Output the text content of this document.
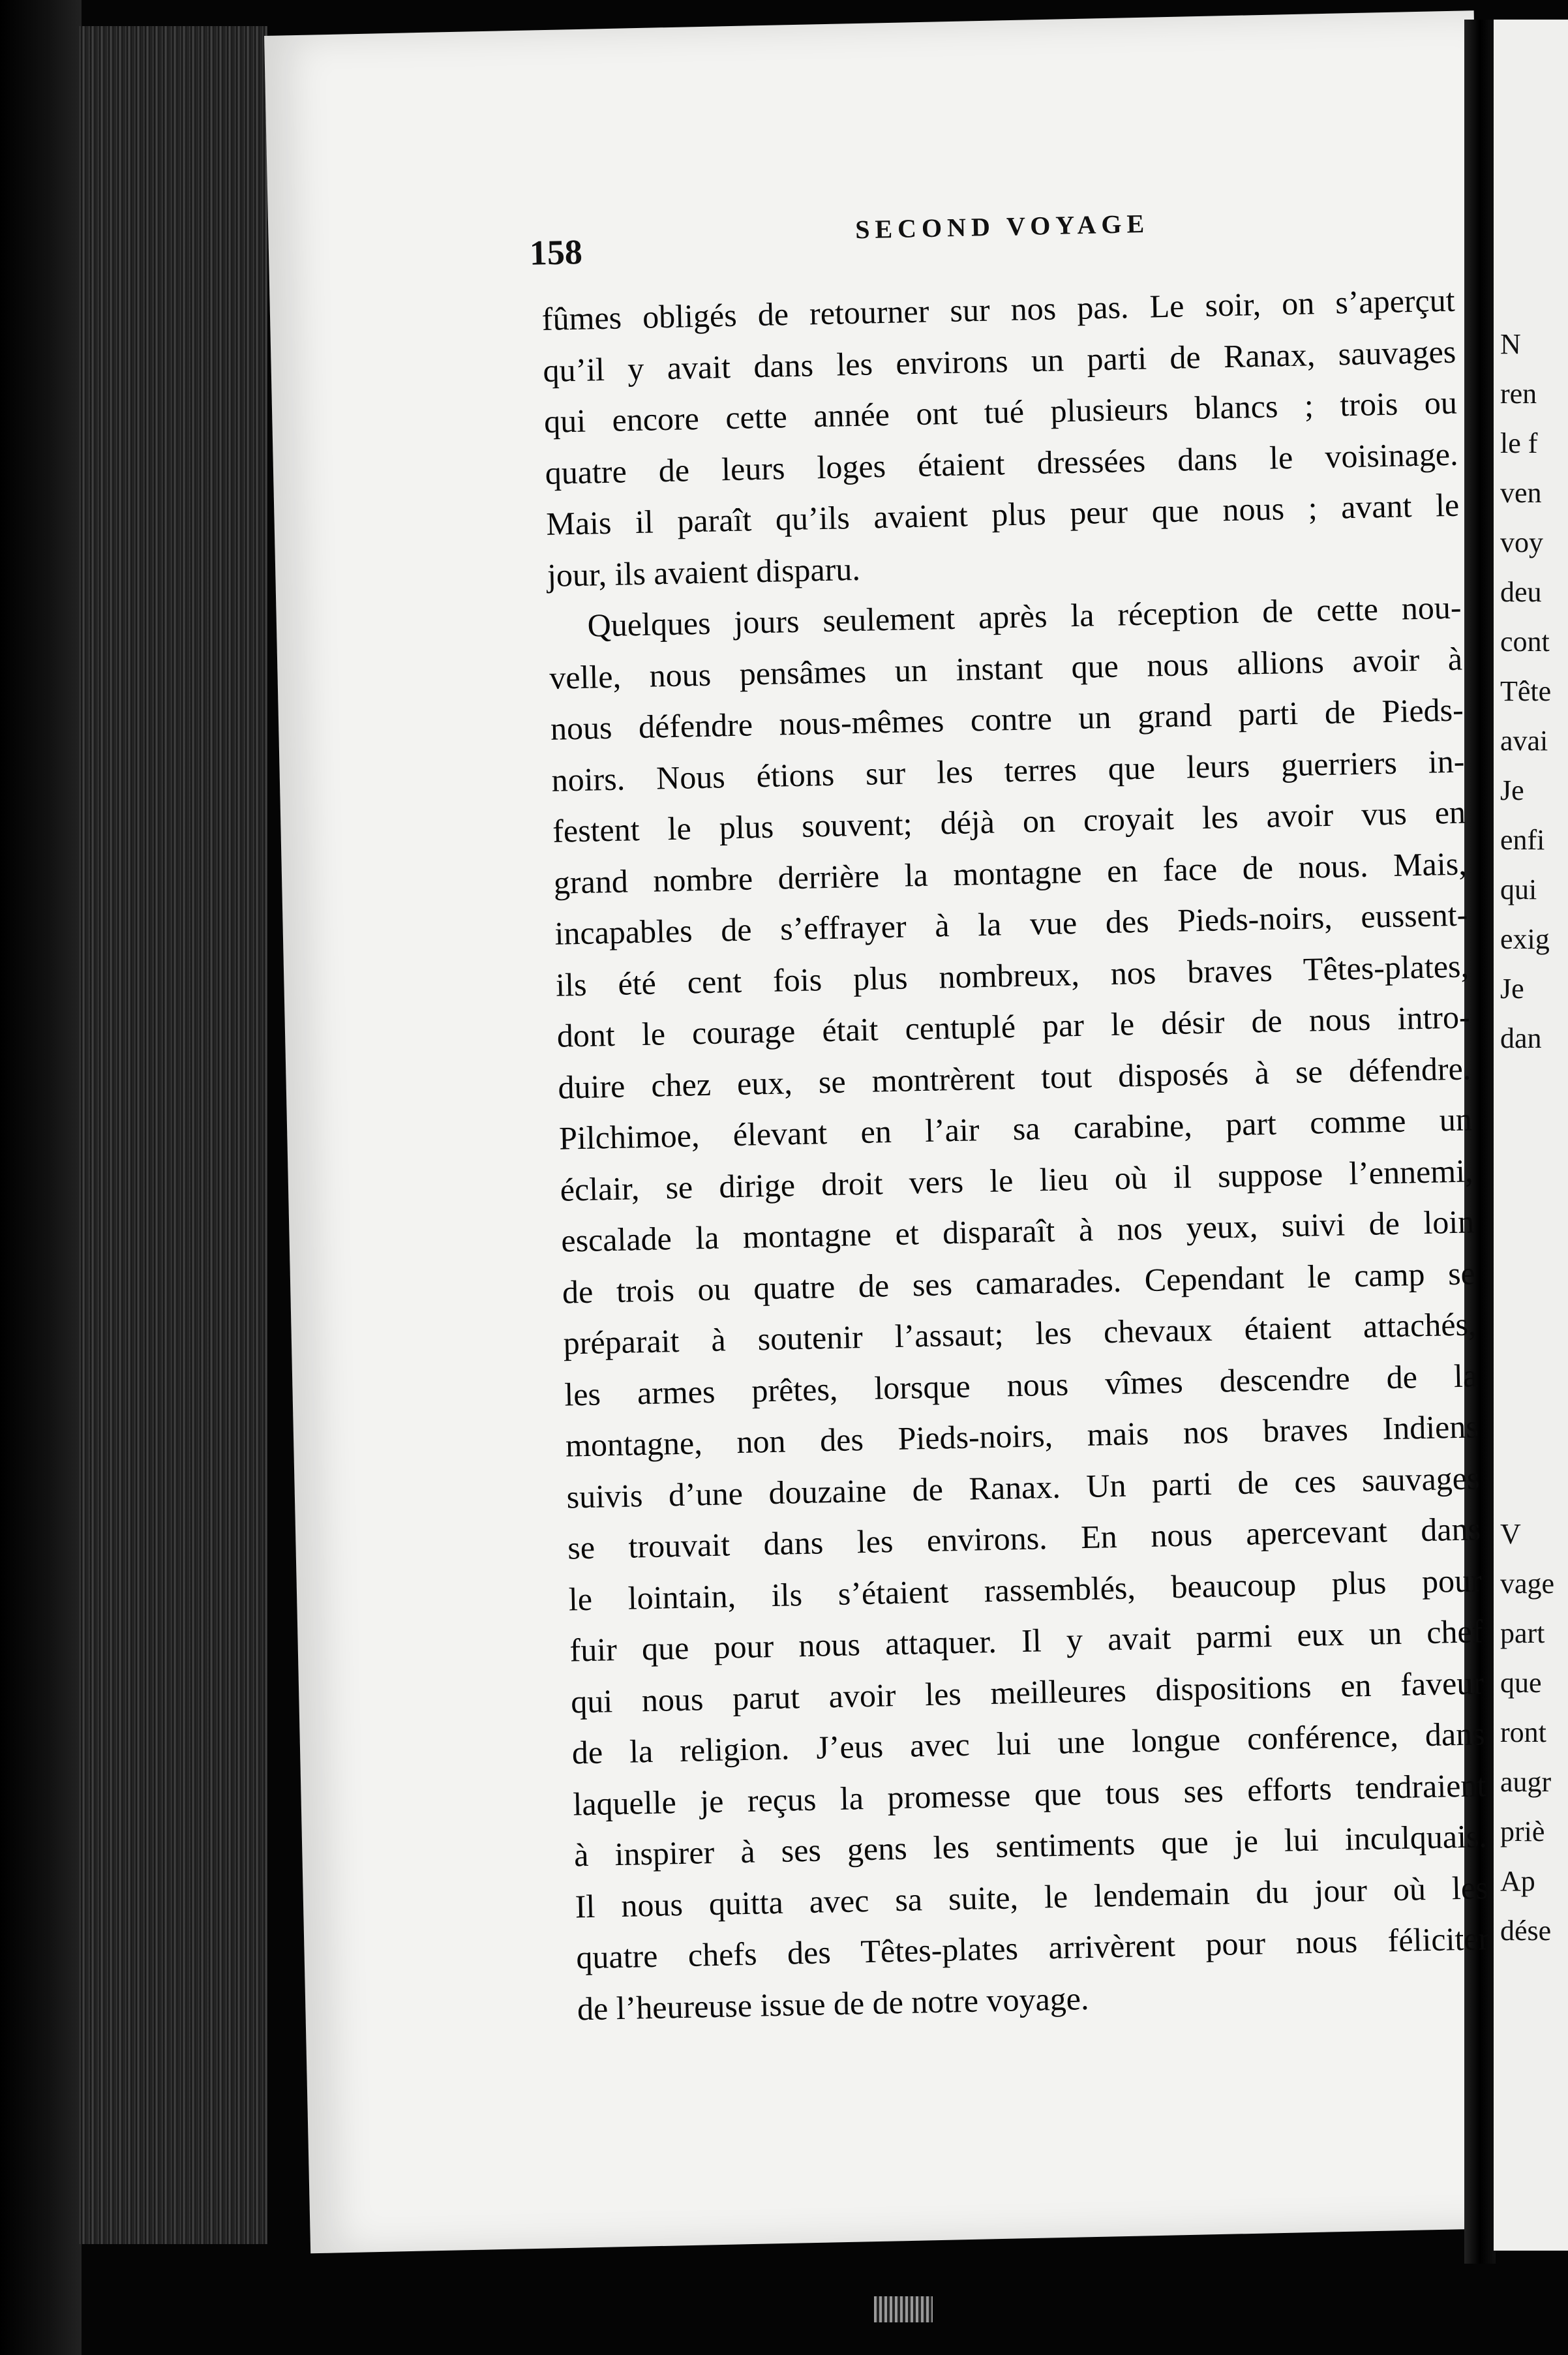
N
ren
le f
ven
voy
deu
cont
Tête
avai
Je
enfi
qui
exig
Je
dan
V
vage
part
que
ront
augr
priè
Ap
dése
158
SECOND VOYAGE
fûmes obligés de retourner sur nos pas. Le soir, on s’aperçut
qu’il y avait dans les environs un parti de Ranax, sauvages
qui encore cette année ont tué plusieurs blancs ; trois ou
quatre de leurs loges étaient dressées dans le voisinage.
Mais il paraît qu’ils avaient plus peur que nous ; avant le
jour, ils avaient disparu.
Quelques jours seulement après la réception de cette nou-
velle, nous pensâmes un instant que nous allions avoir à
nous défendre nous-mêmes contre un grand parti de Pieds-
noirs. Nous étions sur les terres que leurs guerriers in-
festent le plus souvent; déjà on croyait les avoir vus en
grand nombre derrière la montagne en face de nous. Mais,
incapables de s’effrayer à la vue des Pieds-noirs, eussent-
ils été cent fois plus nombreux, nos braves Têtes-plates,
dont le courage était centuplé par le désir de nous intro-
duire chez eux, se montrèrent tout disposés à se défendre.
Pilchimoe, élevant en l’air sa carabine, part comme un
éclair, se dirige droit vers le lieu où il suppose l’ennemi,
escalade la montagne et disparaît à nos yeux, suivi de loin
de trois ou quatre de ses camarades. Cependant le camp se
préparait à soutenir l’assaut; les chevaux étaient attachés,
les armes prêtes, lorsque nous vîmes descendre de la
montagne, non des Pieds-noirs, mais nos braves Indiens
suivis d’une douzaine de Ranax. Un parti de ces sauvages
se trouvait dans les environs. En nous apercevant dans
le lointain, ils s’étaient rassemblés, beaucoup plus pour
fuir que pour nous attaquer. Il y avait parmi eux un chef
qui nous parut avoir les meilleures dispositions en faveur
de la religion. J’eus avec lui une longue conférence, dans
laquelle je reçus la promesse que tous ses efforts tendraient
à inspirer à ses gens les sentiments que je lui inculquais.
Il nous quitta avec sa suite, le lendemain du jour où les
quatre chefs des Têtes-plates arrivèrent pour nous féliciter
de l’heureuse issue de de notre voyage.
